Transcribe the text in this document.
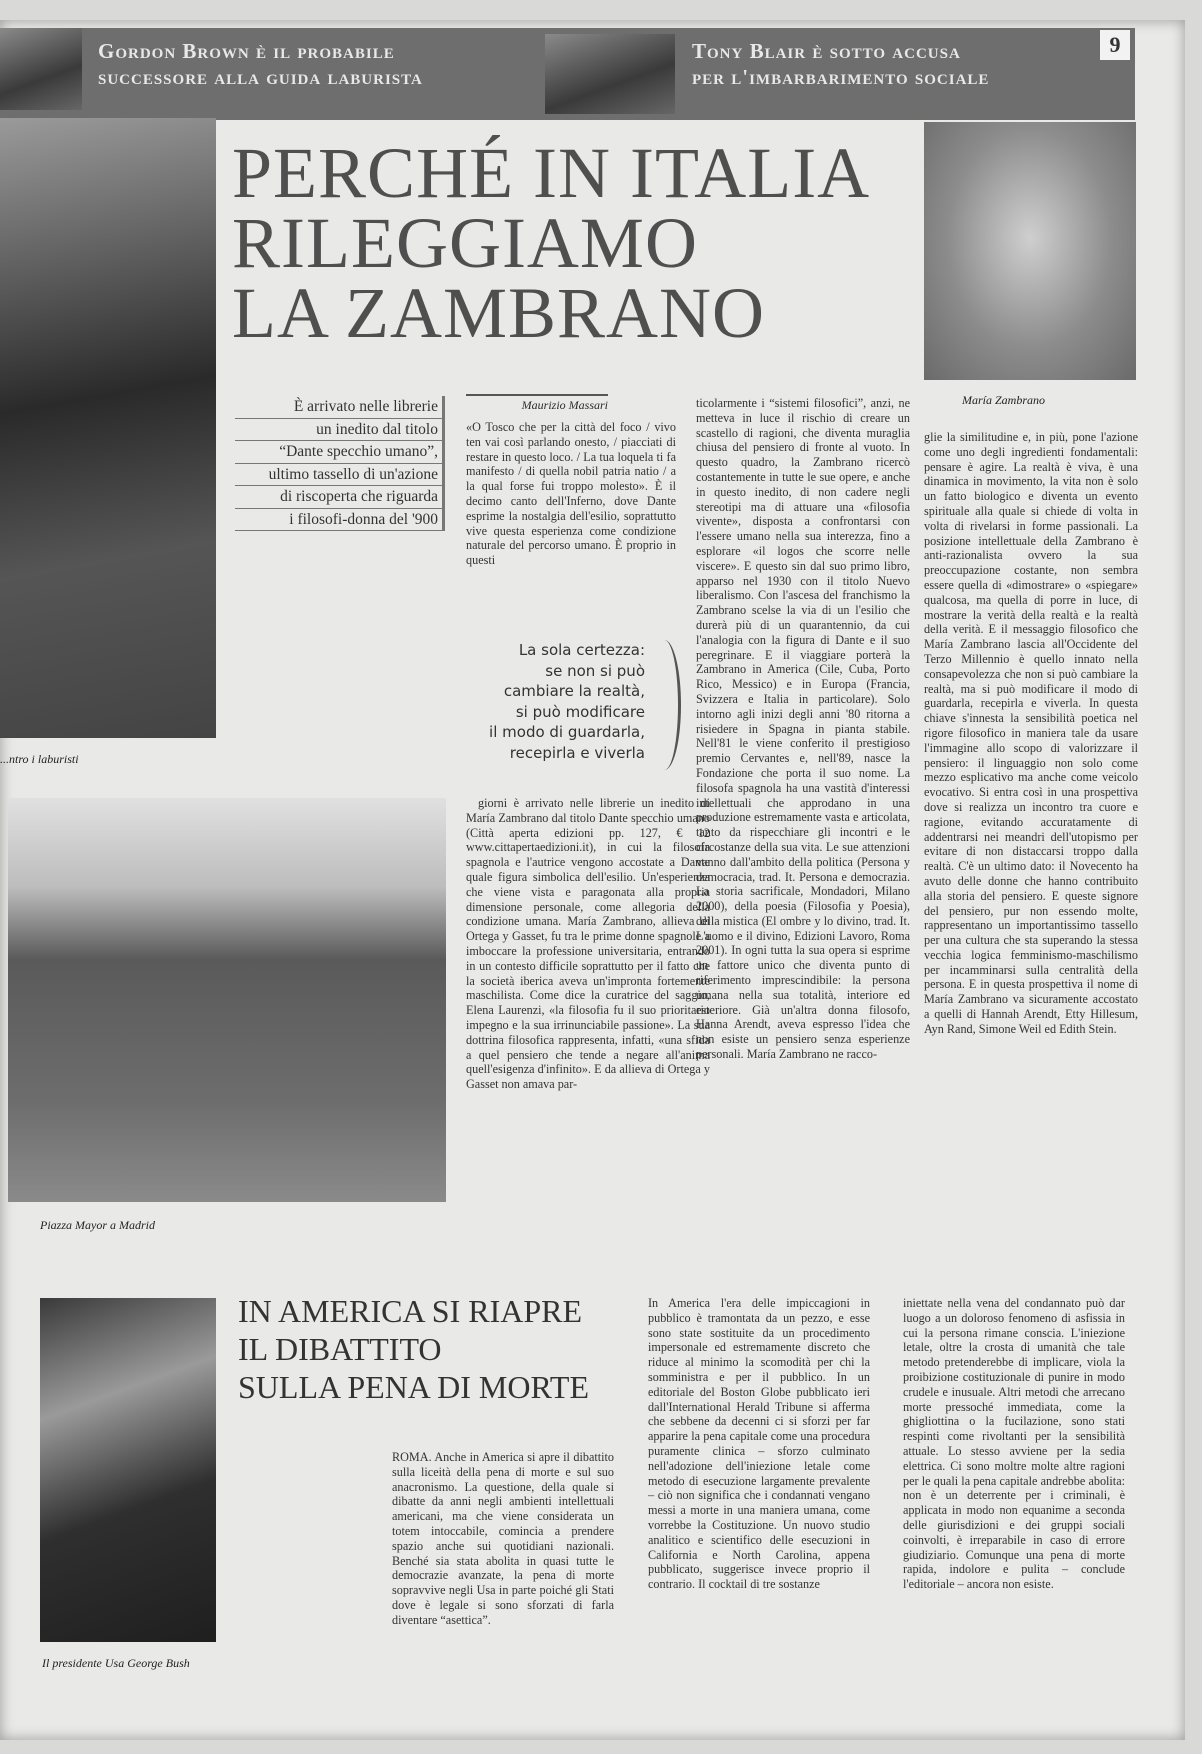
Gordon Brown è il probabile
successore alla guida laburista
Tony Blair è sotto accusa
per l'imbarbarimento sociale
9
...ntro i laburisti
PERCHÉ IN ITALIA
RILEGGIAMO
LA ZAMBRANO
María Zambrano
È arrivato nelle librerie
un inedito dal titolo
“Dante specchio umano”,
ultimo tassello di un'azione
di riscoperta che riguarda
i filosofi-donna del '900
Maurizio Massari

«O Tosco che per la città del foco / vivo ten vai così parlando onesto, / piacciati di restare in questo loco. / La tua loquela ti fa manifesto / di quella nobil patria natio / a la qual forse fui troppo molesto». È il decimo canto dell'Inferno, dove Dante esprime la nostalgia dell'esilio, soprattutto vive questa esperienza come condizione naturale del percorso umano. È proprio in questi

La sola certezza:
se non si può
cambiare la realtà,
si può modificare
il modo di guardarla,
recepirla e viverla
Piazza Mayor a Madrid

giorni è arrivato nelle librerie un inedito di María Zambrano dal titolo Dante specchio umano (Città aperta edizioni pp. 127, € 12 www.cittapertaedizioni.it), in cui la filosofa spagnola e l'autrice vengono accostate a Dante quale figura simbolica dell'esilio. Un'esperienza che viene vista e paragonata alla propria dimensione personale, come allegoria della condizione umana. María Zambrano, allieva di Ortega y Gasset, fu tra le prime donne spagnole a imboccare la professione universitaria, entrando in un contesto difficile soprattutto per il fatto che la società iberica aveva un'impronta fortemente maschilista. Come dice la curatrice del saggio, Elena Laurenzi, «la filosofia fu il suo prioritario impegno e la sua irrinunciabile passione». La sua dottrina filosofica rappresenta, infatti, «una sfida a quel pensiero che tende a negare all'anima quell'esigenza d'infinito». E da allieva di Ortega y Gasset non amava par-

ticolarmente i “sistemi filosofici”, anzi, ne metteva in luce il rischio di creare un scastello di ragioni, che diventa muraglia chiusa del pensiero di fronte al vuoto. In questo quadro, la Zambrano ricercò costantemente in tutte le sue opere, e anche in questo inedito, di non cadere negli stereotipi ma di attuare una «filosofia vivente», disposta a confrontarsi con l'essere umano nella sua interezza, fino a esplorare «il logos che scorre nelle viscere». E questo sin dal suo primo libro, apparso nel 1930 con il titolo Nuevo liberalismo. Con l'ascesa del franchismo la Zambrano scelse la via di un l'esilio che durerà più di un quarantennio, da cui l'analogia con la figura di Dante e il suo peregrinare. E il viaggiare porterà la Zambrano in America (Cile, Cuba, Porto Rico, Messico) e in Europa (Francia, Svizzera e Italia in particolare). Solo intorno agli inizi degli anni '80 ritorna a risiedere in Spagna in pianta stabile. Nell'81 le viene conferito il prestigioso premio Cervantes e, nell'89, nasce la Fondazione che porta il suo nome. La filosofa spagnola ha una vastità d'interessi intellettuali che approdano in una produzione estremamente vasta e articolata, tanto da rispecchiare gli incontri e le circostanze della sua vita. Le sue attenzioni vanno dall'ambito della politica (Persona y democracia, trad. It. Persona e democrazia. La storia sacrificale, Mondadori, Milano 2000), della poesia (Filosofia y Poesia), della mistica (El ombre y lo divino, trad. It. L'uomo e il divino, Edizioni Lavoro, Roma 2001). In ogni tutta la sua opera si esprime un fattore unico che diventa punto di riferimento imprescindibile: la persona umana nella sua totalità, interiore ed esteriore. Già un'altra donna filosofo, Hanna Arendt, aveva espresso l'idea che non esiste un pensiero senza esperienze personali. María Zambrano ne racco-

glie la similitudine e, in più, pone l'azione come uno degli ingredienti fondamentali: pensare è agire. La realtà è viva, è una dinamica in movimento, la vita non è solo un fatto biologico e diventa un evento spirituale alla quale si chiede di volta in volta di rivelarsi in forme passionali. La posizione intellettuale della Zambrano è anti-razionalista ovvero la sua preoccupazione costante, non sembra essere quella di «dimostrare» o «spiegare» qualcosa, ma quella di porre in luce, di mostrare la verità della realtà e la realtà della verità. E il messaggio filosofico che María Zambrano lascia all'Occidente del Terzo Millennio è quello innato nella consapevolezza che non si può cambiare la realtà, ma si può modificare il modo di guardarla, recepirla e viverla. In questa chiave s'innesta la sensibilità poetica nel rigore filosofico in maniera tale da usare l'immagine allo scopo di valorizzare il pensiero: il linguaggio non solo come mezzo esplicativo ma anche come veicolo evocativo. Si entra così in una prospettiva dove si realizza un incontro tra cuore e ragione, evitando accuratamente di addentrarsi nei meandri dell'utopismo per evitare di non distaccarsi troppo dalla realtà. C'è un ultimo dato: il Novecento ha avuto delle donne che hanno contribuito alla storia del pensiero. E queste signore del pensiero, pur non essendo molte, rappresentano un importantissimo tassello per una cultura che sta superando la stessa vecchia logica femminismo-maschilismo per incamminarsi sulla centralità della persona. E in questa prospettiva il nome di María Zambrano va sicuramente accostato a quelli di Hannah Arendt, Etty Hillesum, Ayn Rand, Simone Weil ed Edith Stein.

Il presidente Usa George Bush
IN AMERICA SI RIAPRE
IL DIBATTITO
SULLA PENA DI MORTE

ROMA. Anche in America si apre il dibattito sulla liceità della pena di morte e sul suo anacronismo. La questione, della quale si dibatte da anni negli ambienti intellettuali americani, ma che viene considerata un totem intoccabile, comincia a prendere spazio anche sui quotidiani nazionali. Benché sia stata abolita in quasi tutte le democrazie avanzate, la pena di morte sopravvive negli Usa in parte poiché gli Stati dove è legale si sono sforzati di farla diventare “asettica”.

In America l'era delle impiccagioni in pubblico è tramontata da un pezzo, e esse sono state sostituite da un procedimento impersonale ed estremamente discreto che riduce al minimo la scomodità per chi la somministra e per il pubblico. In un editoriale del Boston Globe pubblicato ieri dall'International Herald Tribune si afferma che sebbene da decenni ci si sforzi per far apparire la pena capitale come una procedura puramente clinica – sforzo culminato nell'adozione dell'iniezione letale come metodo di esecuzione largamente prevalente – ciò non significa che i condannati vengano messi a morte in una maniera umana, come vorrebbe la Costituzione. Un nuovo studio analitico e scientifico delle esecuzioni in California e North Carolina, appena pubblicato, suggerisce invece proprio il contrario. Il cocktail di tre sostanze

iniettate nella vena del condannato può dar luogo a un doloroso fenomeno di asfissia in cui la persona rimane conscia. L'iniezione letale, oltre la crosta di umanità che tale metodo pretenderebbe di implicare, viola la proibizione costituzionale di punire in modo crudele e inusuale. Altri metodi che arrecano morte pressoché immediata, come la ghigliottina o la fucilazione, sono stati respinti come rivoltanti per la sensibilità attuale. Lo stesso avviene per la sedia elettrica. Ci sono moltre molte altre ragioni per le quali la pena capitale andrebbe abolita: non è un deterrente per i criminali, è applicata in modo non equanime a seconda delle giurisdizioni e dei gruppi sociali coinvolti, è irreparabile in caso di errore giudiziario. Comunque una pena di morte rapida, indolore e pulita – conclude l'editoriale – ancora non esiste.
